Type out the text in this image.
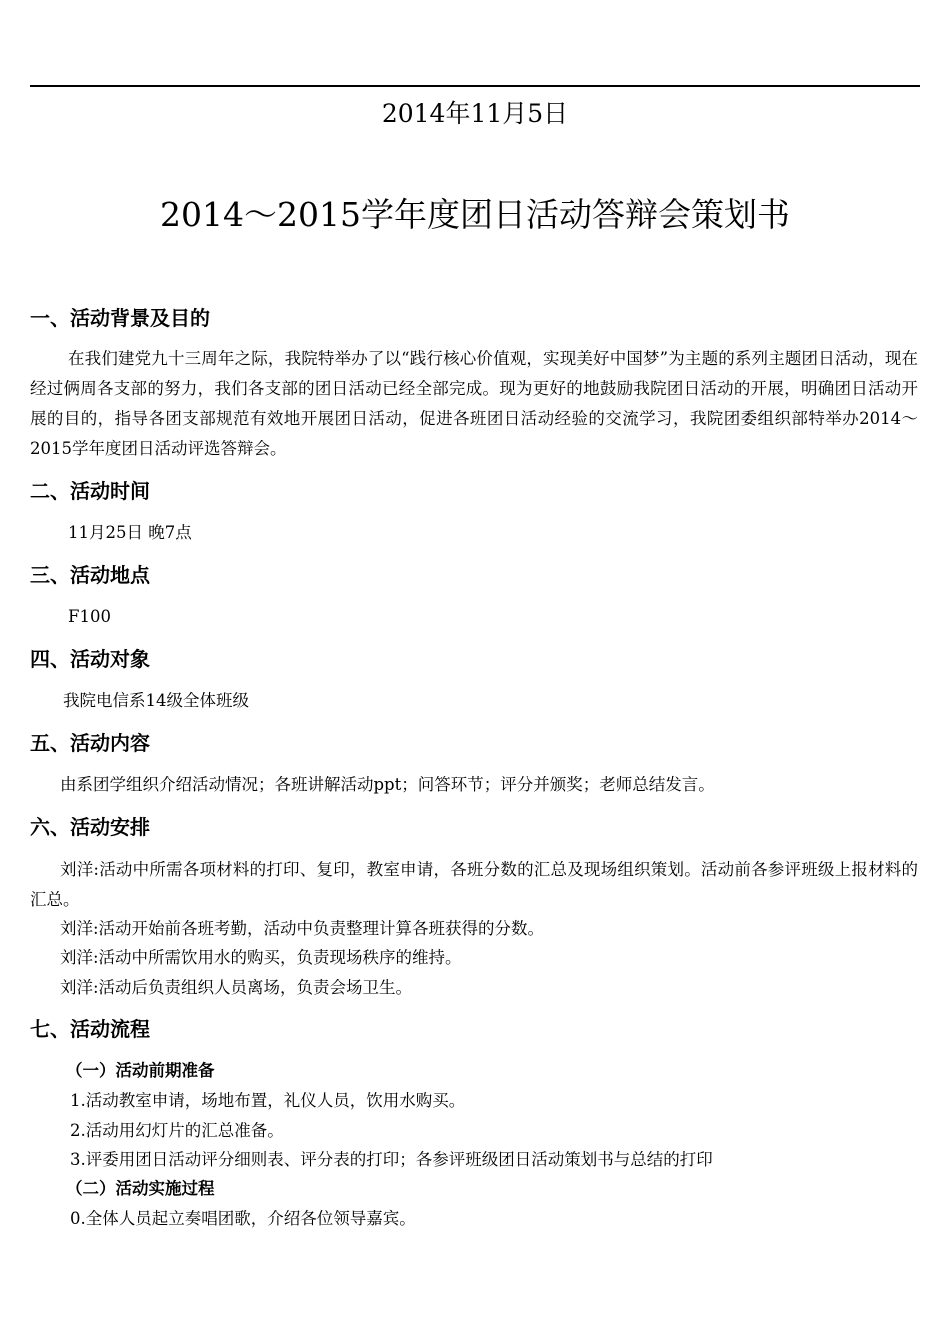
2014年11月5日
2014～2015学年度团日活动答辩会策划书
一、活动背景及目的
在我们建党九十三周年之际，我院特举办了以“践行核心价值观，实现美好中国梦”为主题的系列主题团日活动，现在经过俩周各支部的努力，我们各支部的团日活动已经全部完成。现为更好的地鼓励我院团日活动的开展，明确团日活动开展的目的，指导各团支部规范有效地开展团日活动，促进各班团日活动经验的交流学习，我院团委组织部特举办2014～2015学年度团日活动评选答辩会。
二、活动时间
11月25日 晚7点
三、活动地点
F100
四、活动对象
我院电信系14级全体班级
五、活动内容
由系团学组织介绍活动情况；各班讲解活动ppt；问答环节；评分并颁奖；老师总结发言。
六、活动安排
刘洋:活动中所需各项材料的打印、复印，教室申请，各班分数的汇总及现场组织策划。活动前各参评班级上报材料的汇总。
刘洋:活动开始前各班考勤，活动中负责整理计算各班获得的分数。
刘洋:活动中所需饮用水的购买，负责现场秩序的维持。
刘洋:活动后负责组织人员离场，负责会场卫生。
七、活动流程
（一）活动前期准备
1.活动教室申请，场地布置，礼仪人员，饮用水购买。
2.活动用幻灯片的汇总准备。
3.评委用团日活动评分细则表、评分表的打印；各参评班级团日活动策划书与总结的打印
（二）活动实施过程
0.全体人员起立奏唱团歌，介绍各位领导嘉宾。
